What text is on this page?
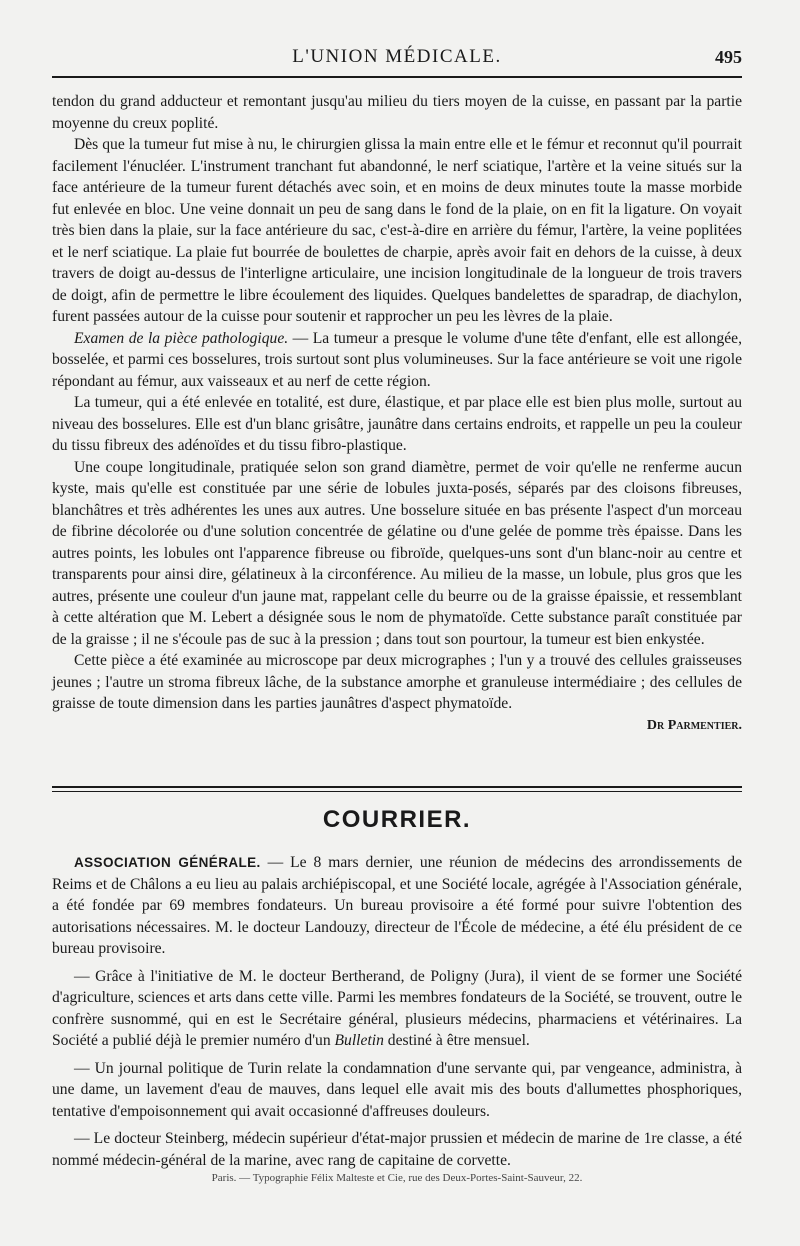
L'UNION MÉDICALE.	495

tendon du grand adducteur et remontant jusqu'au milieu du tiers moyen de la cuisse, en passant par la partie moyenne du creux poplité.

Dès que la tumeur fut mise à nu, le chirurgien glissa la main entre elle et le fémur et reconnut qu'il pourrait facilement l'énucléer. L'instrument tranchant fut abandonné, le nerf sciatique, l'artère et la veine situés sur la face antérieure de la tumeur furent détachés avec soin, et en moins de deux minutes toute la masse morbide fut enlevée en bloc. Une veine donnait un peu de sang dans le fond de la plaie, on en fit la ligature. On voyait très bien dans la plaie, sur la face antérieure du sac, c'est-à-dire en arrière du fémur, l'artère, la veine poplitées et le nerf sciatique. La plaie fut bourrée de boulettes de charpie, après avoir fait en dehors de la cuisse, à deux travers de doigt au-dessus de l'interligne articulaire, une incision longitudinale de la longueur de trois travers de doigt, afin de permettre le libre écoulement des liquides. Quelques bandelettes de sparadrap, de diachylon, furent passées autour de la cuisse pour soutenir et rapprocher un peu les lèvres de la plaie.

Examen de la pièce pathologique. — La tumeur a presque le volume d'une tête d'enfant, elle est allongée, bosselée, et parmi ces bosselures, trois surtout sont plus volumineuses. Sur la face antérieure se voit une rigole répondant au fémur, aux vaisseaux et au nerf de cette région.

La tumeur, qui a été enlevée en totalité, est dure, élastique, et par place elle est bien plus molle, surtout au niveau des bosselures. Elle est d'un blanc grisâtre, jaunâtre dans certains endroits, et rappelle un peu la couleur du tissu fibreux des adénoïdes et du tissu fibro-plastique.

Une coupe longitudinale, pratiquée selon son grand diamètre, permet de voir qu'elle ne renferme aucun kyste, mais qu'elle est constituée par une série de lobules juxta-posés, séparés par des cloisons fibreuses, blanchâtres et très adhérentes les unes aux autres. Une bosselure située en bas présente l'aspect d'un morceau de fibrine décolorée ou d'une solution concentrée de gélatine ou d'une gelée de pomme très épaisse. Dans les autres points, les lobules ont l'apparence fibreuse ou fibroïde, quelques-uns sont d'un blanc-noir au centre et transparents pour ainsi dire, gélatineux à la circonférence. Au milieu de la masse, un lobule, plus gros que les autres, présente une couleur d'un jaune mat, rappelant celle du beurre ou de la graisse épaissie, et ressemblant à cette altération que M. Lebert a désignée sous le nom de phymatoïde. Cette substance paraît constituée par de la graisse ; il ne s'écoule pas de suc à la pression ; dans tout son pourtour, la tumeur est bien enkystée.

Cette pièce a été examinée au microscope par deux micrographes ; l'un y a trouvé des cellules graisseuses jeunes ; l'autre un stroma fibreux lâche, de la substance amorphe et granuleuse intermédiaire ; des cellules de graisse de toute dimension dans les parties jaunâtres d'aspect phymatoïde.

Dr Parmentier.
COURRIER.

ASSOCIATION GÉNÉRALE. — Le 8 mars dernier, une réunion de médecins des arrondissements de Reims et de Châlons a eu lieu au palais archiépiscopal, et une Société locale, agrégée à l'Association générale, a été fondée par 69 membres fondateurs. Un bureau provisoire a été formé pour suivre l'obtention des autorisations nécessaires. M. le docteur Landouzy, directeur de l'École de médecine, a été élu président de ce bureau provisoire.

— Grâce à l'initiative de M. le docteur Bertherand, de Poligny (Jura), il vient de se former une Société d'agriculture, sciences et arts dans cette ville. Parmi les membres fondateurs de la Société, se trouvent, outre le confrère susnommé, qui en est le Secrétaire général, plusieurs médecins, pharmaciens et vétérinaires. La Société a publié déjà le premier numéro d'un Bulletin destiné à être mensuel.

— Un journal politique de Turin relate la condamnation d'une servante qui, par vengeance, administra, à une dame, un lavement d'eau de mauves, dans lequel elle avait mis des bouts d'allumettes phosphoriques, tentative d'empoisonnement qui avait occasionné d'affreuses douleurs.

— Le docteur Steinberg, médecin supérieur d'état-major prussien et médecin de marine de 1re classe, a été nommé médecin-général de la marine, avec rang de capitaine de corvette.

Paris. — Typographie Félix Malteste et Cie, rue des Deux-Portes-Saint-Sauveur, 22.
